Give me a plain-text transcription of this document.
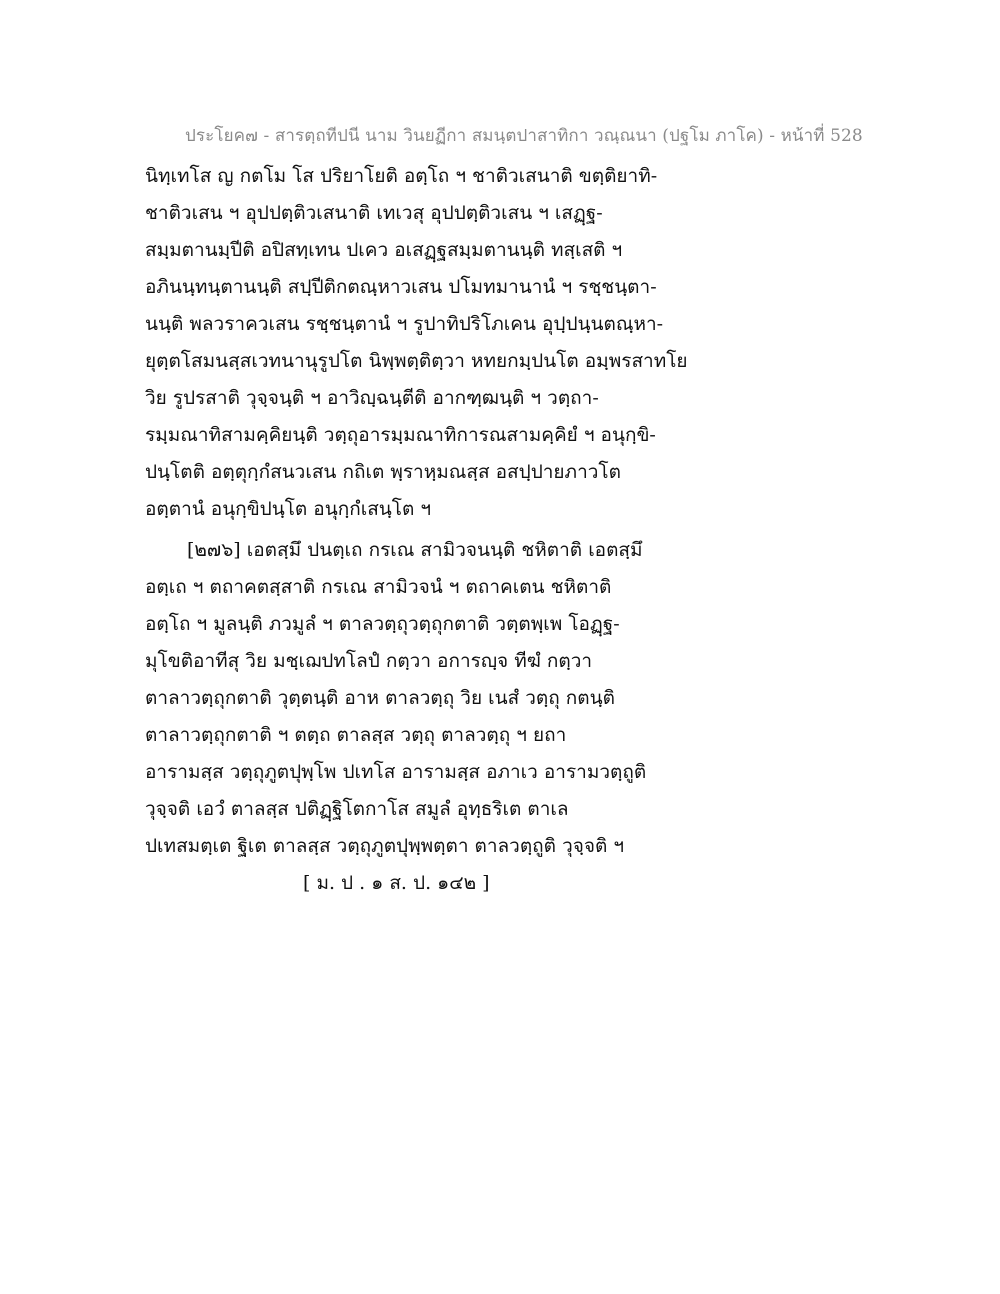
ประโยค๗ - สารตฺถทีปนี นาม วินยฏีกา สมนฺตปาสาทิกา วณฺณนา (ปฐโม ภาโค) - หน้าที่ 528
นิทฺเทโส ญ กตโม โส ปริยาโยติ อตฺโถ ฯ ชาติวเสนาติ ขตฺติยาทิ-
ชาติวเสน ฯ อุปปตฺติวเสนาติ เทเวสุ อุปปตฺติวเสน ฯ เสฏฺฐ-
สมฺมตานมฺปีติ อปิสทฺเทน ปเคว อเสฏฺฐสมฺมตานนฺติ ทสฺเสติ ฯ
อภินนฺทนฺตานนฺติ สปฺปีติกตณฺหาวเสน ปโมทมานานํ ฯ รชฺชนฺตา-
นนฺติ พลวราควเสน รชฺชนฺตานํ ฯ รูปาทิปริโภเคน อุปฺปนฺนตณฺหา-
ยุตฺตโสมนสฺสเวทนานุรูปโต นิพฺพตฺติตฺวา หทยกมฺปนโต อมฺพรสาทโย
วิย รูปรสาติ วุจฺจนฺติ ฯ อาวิญฺฉนฺตีติ อากฑฺฒนฺติ ฯ วตฺถา-
รมฺมณาทิสามคฺคิยนฺติ วตฺถุอารมฺมณาทิการณสามคฺคิยํ ฯ อนุกฺขิ-
ปนฺโตติ อตฺตุกฺกํสนวเสน กถิเต พฺราหฺมณสฺส อสปฺปายภาวโต
อตฺตานํ อนุกฺขิปนฺโต อนุกฺกํเสนฺโต ฯ
[๒๗๖] เอตสฺมึ ปนตฺเถ กรเณ สามิวจนนฺติ ชหิตาติ เอตสฺมึ
อตฺเถ ฯ ตถาคตสฺสาติ กรเณ สามิวจนํ ฯ ตถาคเตน ชหิตาติ
อตฺโถ ฯ มูลนฺติ ภวมูลํ ฯ ตาลวตฺถุวตฺถุกตาติ วตฺตพฺเพ โอฏฺฐ-
มุโขติอาทีสุ วิย มชฺเฌปทโลปํ กตฺวา อการญฺจ ทีฆํ กตฺวา
ตาลาวตฺถุกตาติ วุตฺตนฺติ อาห ตาลวตฺถุ วิย เนสํ วตฺถุ กตนฺติ
ตาลาวตฺถุกตาติ ฯ ตตฺถ ตาลสฺส วตฺถุ ตาลวตฺถุ ฯ ยถา
อารามสฺส วตฺถุภูตปุพฺโพ ปเทโส อารามสฺส อภาเว อารามวตฺถูติ
วุจฺจติ เอวํ ตาลสฺส ปติฏฺฐิโตกาโส สมูลํ อุทฺธริเต ตาเล
ปเทสมตฺเต ฐิเต ตาลสฺส วตฺถุภูตปุพฺพตฺตา ตาลวตฺถูติ วุจฺจติ ฯ
[ ม. ป . ๑ ส. ป. ๑๔๒ ]
